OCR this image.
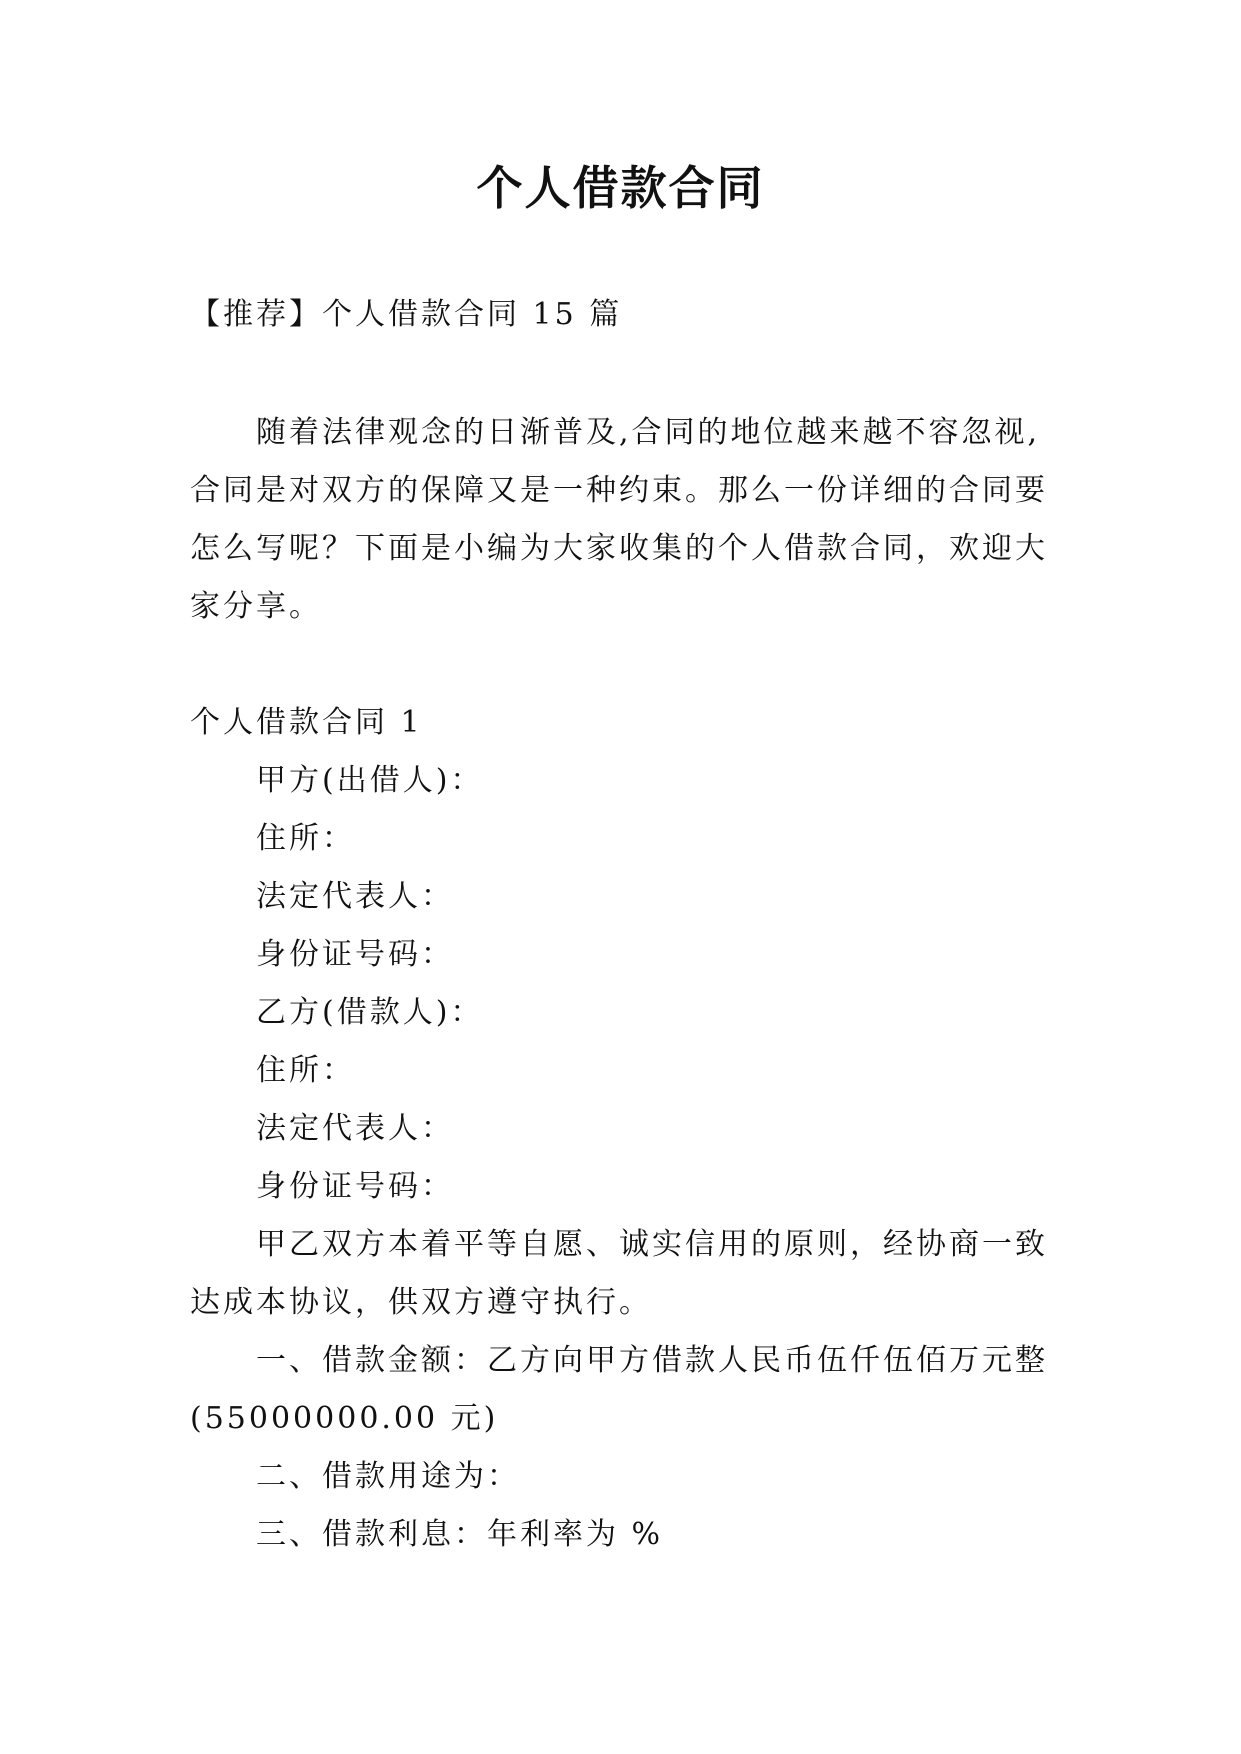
个人借款合同
【推荐】个人借款合同 15 篇
随着法律观念的日渐普及,合同的地位越来越不容忽视,合同是对双方的保障又是一种约束。那么一份详细的合同要怎么写呢？下面是小编为大家收集的个人借款合同，欢迎大家分享。
个人借款合同 1
甲方(出借人)：
住所：
法定代表人：
身份证号码：
乙方(借款人)：
住所：
法定代表人：
身份证号码：
甲乙双方本着平等自愿、诚实信用的原则，经协商一致达成本协议，供双方遵守执行。
一、借款金额：乙方向甲方借款人民币伍仟伍佰万元整(55000000.00 元)
二、借款用途为：
三、借款利息：年利率为 %
